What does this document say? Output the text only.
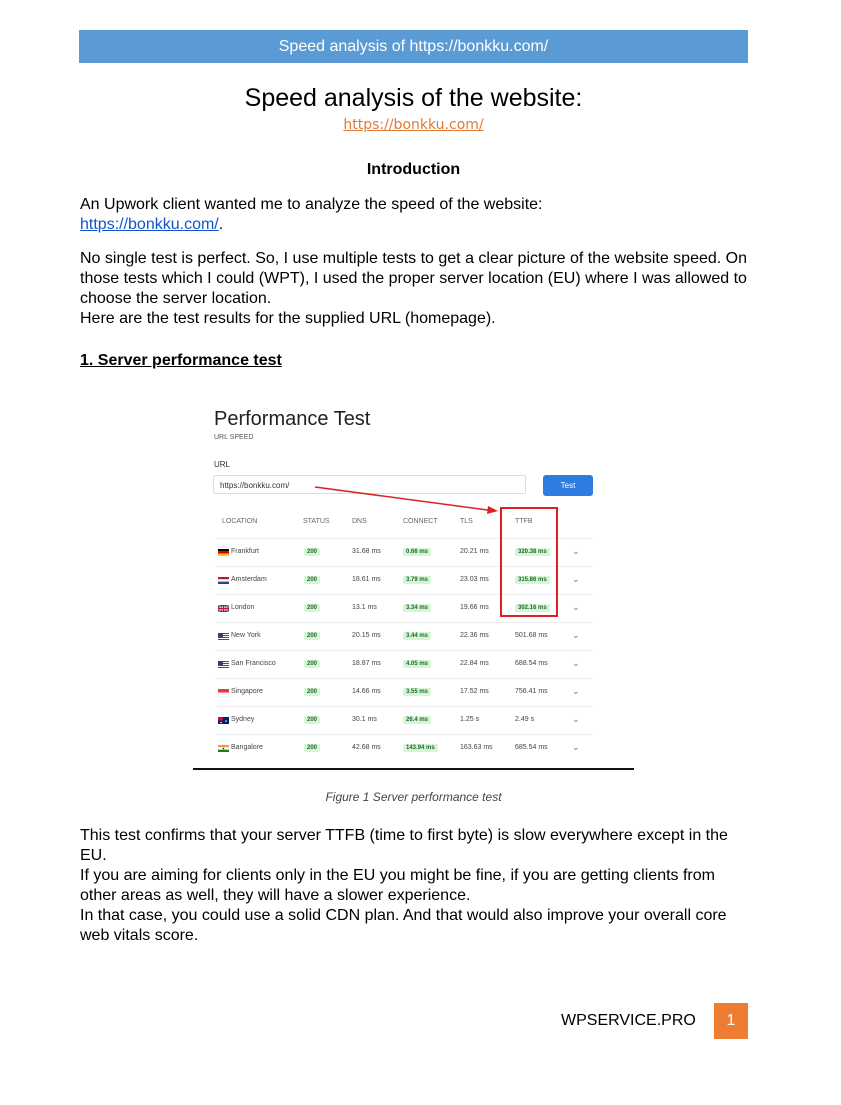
Speed analysis of https://bonkku.com/
Speed analysis of the website:
https://bonkku.com/
Introduction
An Upwork client wanted me to analyze the speed of the website:
https://bonkku.com/.
No single test is perfect. So, I use multiple tests to get a clear picture of the website speed. On those tests which I could (WPT), I used the proper server location (EU) where I was allowed to choose the server location.
Here are the test results for the supplied URL (homepage).
1. Server performance test
Performance Test
URL SPEED
URL
https://bonkku.com/	Test
LOCATION	STATUS	DNS	CONNECT	TLS	TTFB
Frankfurt	200	31.68 ms	0.66 ms	20.21 ms	320.38 ms	⌄
Amsterdam	200	18.61 ms	3.79 ms	23.03 ms	315.86 ms	⌄
London	200	13.1 ms	3.34 ms	19.66 ms	302.16 ms	⌄
New York	200	20.15 ms	3.44 ms	22.36 ms	501.68 ms	⌄
San Francisco	200	18.87 ms	4.05 ms	22.84 ms	688.54 ms	⌄
Singapore	200	14.66 ms	3.55 ms	17.52 ms	756.41 ms	⌄
Sydney	200	30.1 ms	26.4 ms	1.25 s	2.49 s	⌄
Bangalore	200	42.68 ms	143.94 ms	163.63 ms	685.54 ms	⌄
Figure 1 Server performance test
This test confirms that your server TTFB (time to first byte) is slow everywhere except in the EU.
If you are aiming for clients only in the EU you might be fine, if you are getting clients from other areas as well, they will have a slower experience.
In that case, you could use a solid CDN plan. And that would also improve your overall core web vitals score.
WPSERVICE.PRO	1
